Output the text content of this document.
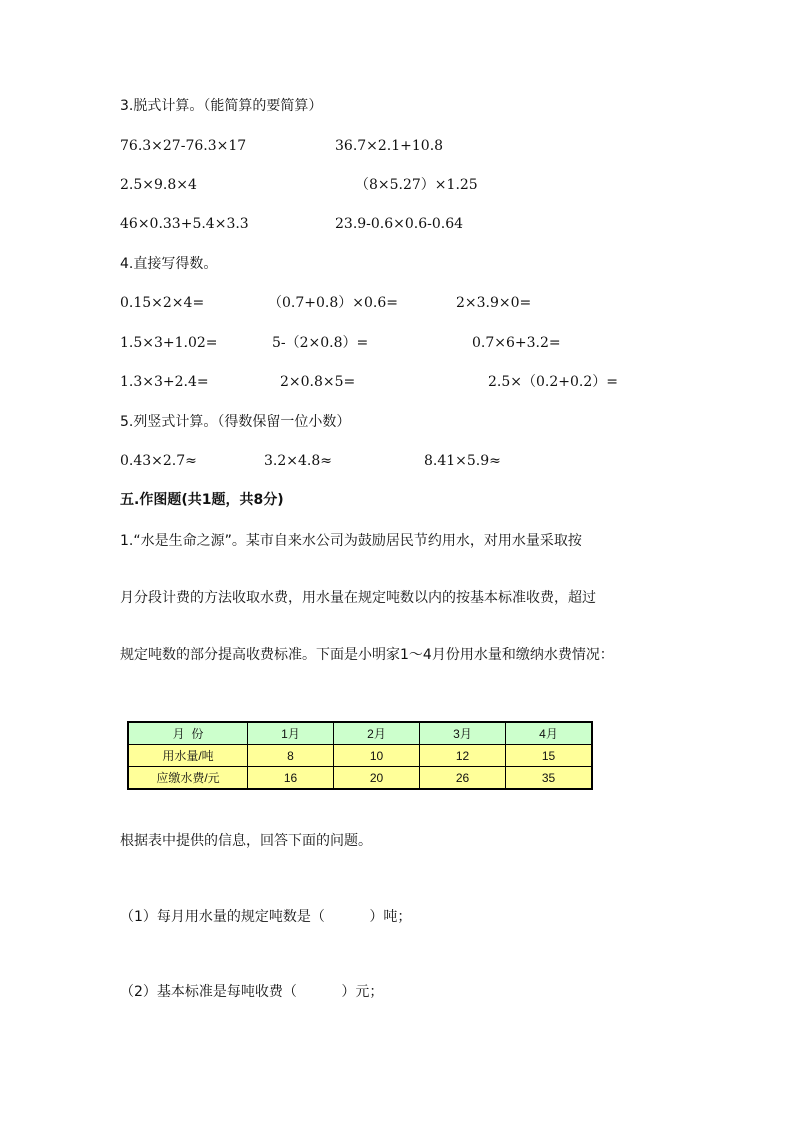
3.脱式计算。（能简算的要简算）
76.3×27-76.3×17	36.7×2.1+10.8
2.5×9.8×4	（8×5.27）×1.25
46×0.33+5.4×3.3	23.9-0.6×0.6-0.64
4.直接写得数。
0.15×2×4=	（0.7+0.8）×0.6=	2×3.9×0=
1.5×3+1.02=	5-（2×0.8）=	0.7×6+3.2=
1.3×3+2.4=	2×0.8×5=	2.5×（0.2+0.2）=
5.列竖式计算。（得数保留一位小数）
0.43×2.7≈	3.2×4.8≈	8.41×5.9≈
五.作图题(共1题，共8分)
1.“水是生命之源”。某市自来水公司为鼓励居民节约用水，对用水量采取按
月分段计费的方法收取水费，用水量在规定吨数以内的按基本标准收费，超过
规定吨数的部分提高收费标准。下面是小明家1～4月份用水量和缴纳水费情况：
月  份	1月	2月	3月	4月
用水量/吨	8	10	12	15
应缴水费/元	16	20	26	35
根据表中提供的信息，回答下面的问题。
（1）每月用水量的规定吨数是（          ）吨；
（2）基本标准是每吨收费（          ）元；
